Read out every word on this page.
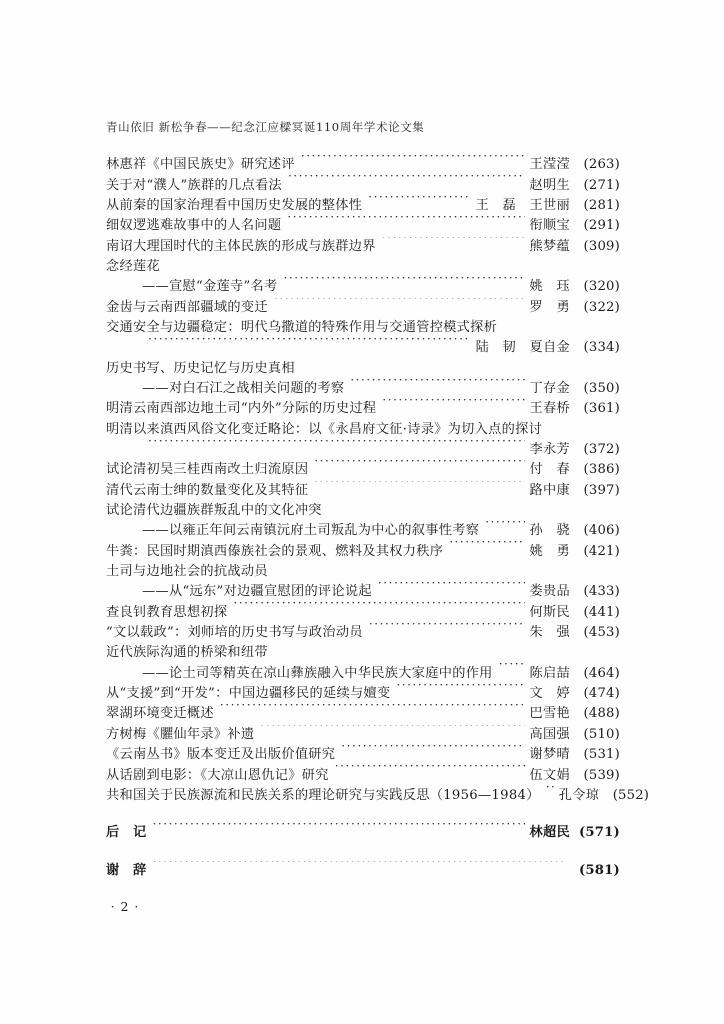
青山依旧 新松争春——纪念江应樑冥诞110周年学术论文集
林惠祥《中国民族史》研究述评 ·····	王滢滢	(263)
关于对“濮人”族群的几点看法 ·····	赵明生	(271)
从前秦的国家治理看中国历史发展的整体性 ·····	王　磊　王世丽	(281)
细奴逻逃难故事中的人名问题 ·····	衔顺宝	(291)
南诏大理国时代的主体民族的形成与族群边界 ·····	熊梦蕴	(309)
念经莲花
——宣慰“金莲寺”名考 ·····	姚　珏	(320)
金齿与云南西部疆域的变迁 ·····	罗　勇	(322)
交通安全与边疆稳定：明代乌撒道的特殊作用与交通管控模式探析
·····
陆　韧　夏自金	(334)
历史书写、历史记忆与历史真相
——对白石江之战相关问题的考察 ·····	丁存金	(350)
明清云南西部边地土司“内外”分际的历史过程 ·····	王春桥	(361)
明清以来滇西风俗文化变迁略论：以《永昌府文征·诗录》为切入点的探讨
·····
李永芳	(372)
试论清初吴三桂西南改土归流原因 ·····	付　春	(386)
清代云南士绅的数量变化及其特征 ·····	路中康	(397)
试论清代边疆族群叛乱中的文化冲突
——以雍正年间云南镇沅府土司叛乱为中心的叙事性考察 ·····	孙　骁	(406)
牛粪：民国时期滇西傣族社会的景观、燃料及其权力秩序 ·····	姚　勇	(421)
土司与边地社会的抗战动员
——从“远东”对边疆宣慰团的评论说起 ·····	娄贵品	(433)
查良钊教育思想初探 ·····	何斯民	(441)
“文以载政”：刘师培的历史书写与政治动员 ·····	朱　强	(453)
近代族际沟通的桥梁和纽带
——论土司等精英在凉山彝族融入中华民族大家庭中的作用 ·····	陈启喆	(464)
从“支援”到“开发”：中国边疆移民的延续与嬗变 ·····	文　婷	(474)
翠湖环境变迁概述 ·····	巴雪艳	(488)
方树梅《臞仙年录》补遗 ·····	高国强	(510)
《云南丛书》版本变迁及出版价值研究 ·····	谢梦晴	(531)
从话剧到电影：《大凉山恩仇记》研究 ·····	伍文娟	(539)
共和国关于民族源流和民族关系的理论研究与实践反思（1956—1984） ····· 孔令琼	(552)
后　记 ·····	林超民 (571)
谢　辞 ·····	(581)
· 2 ·
